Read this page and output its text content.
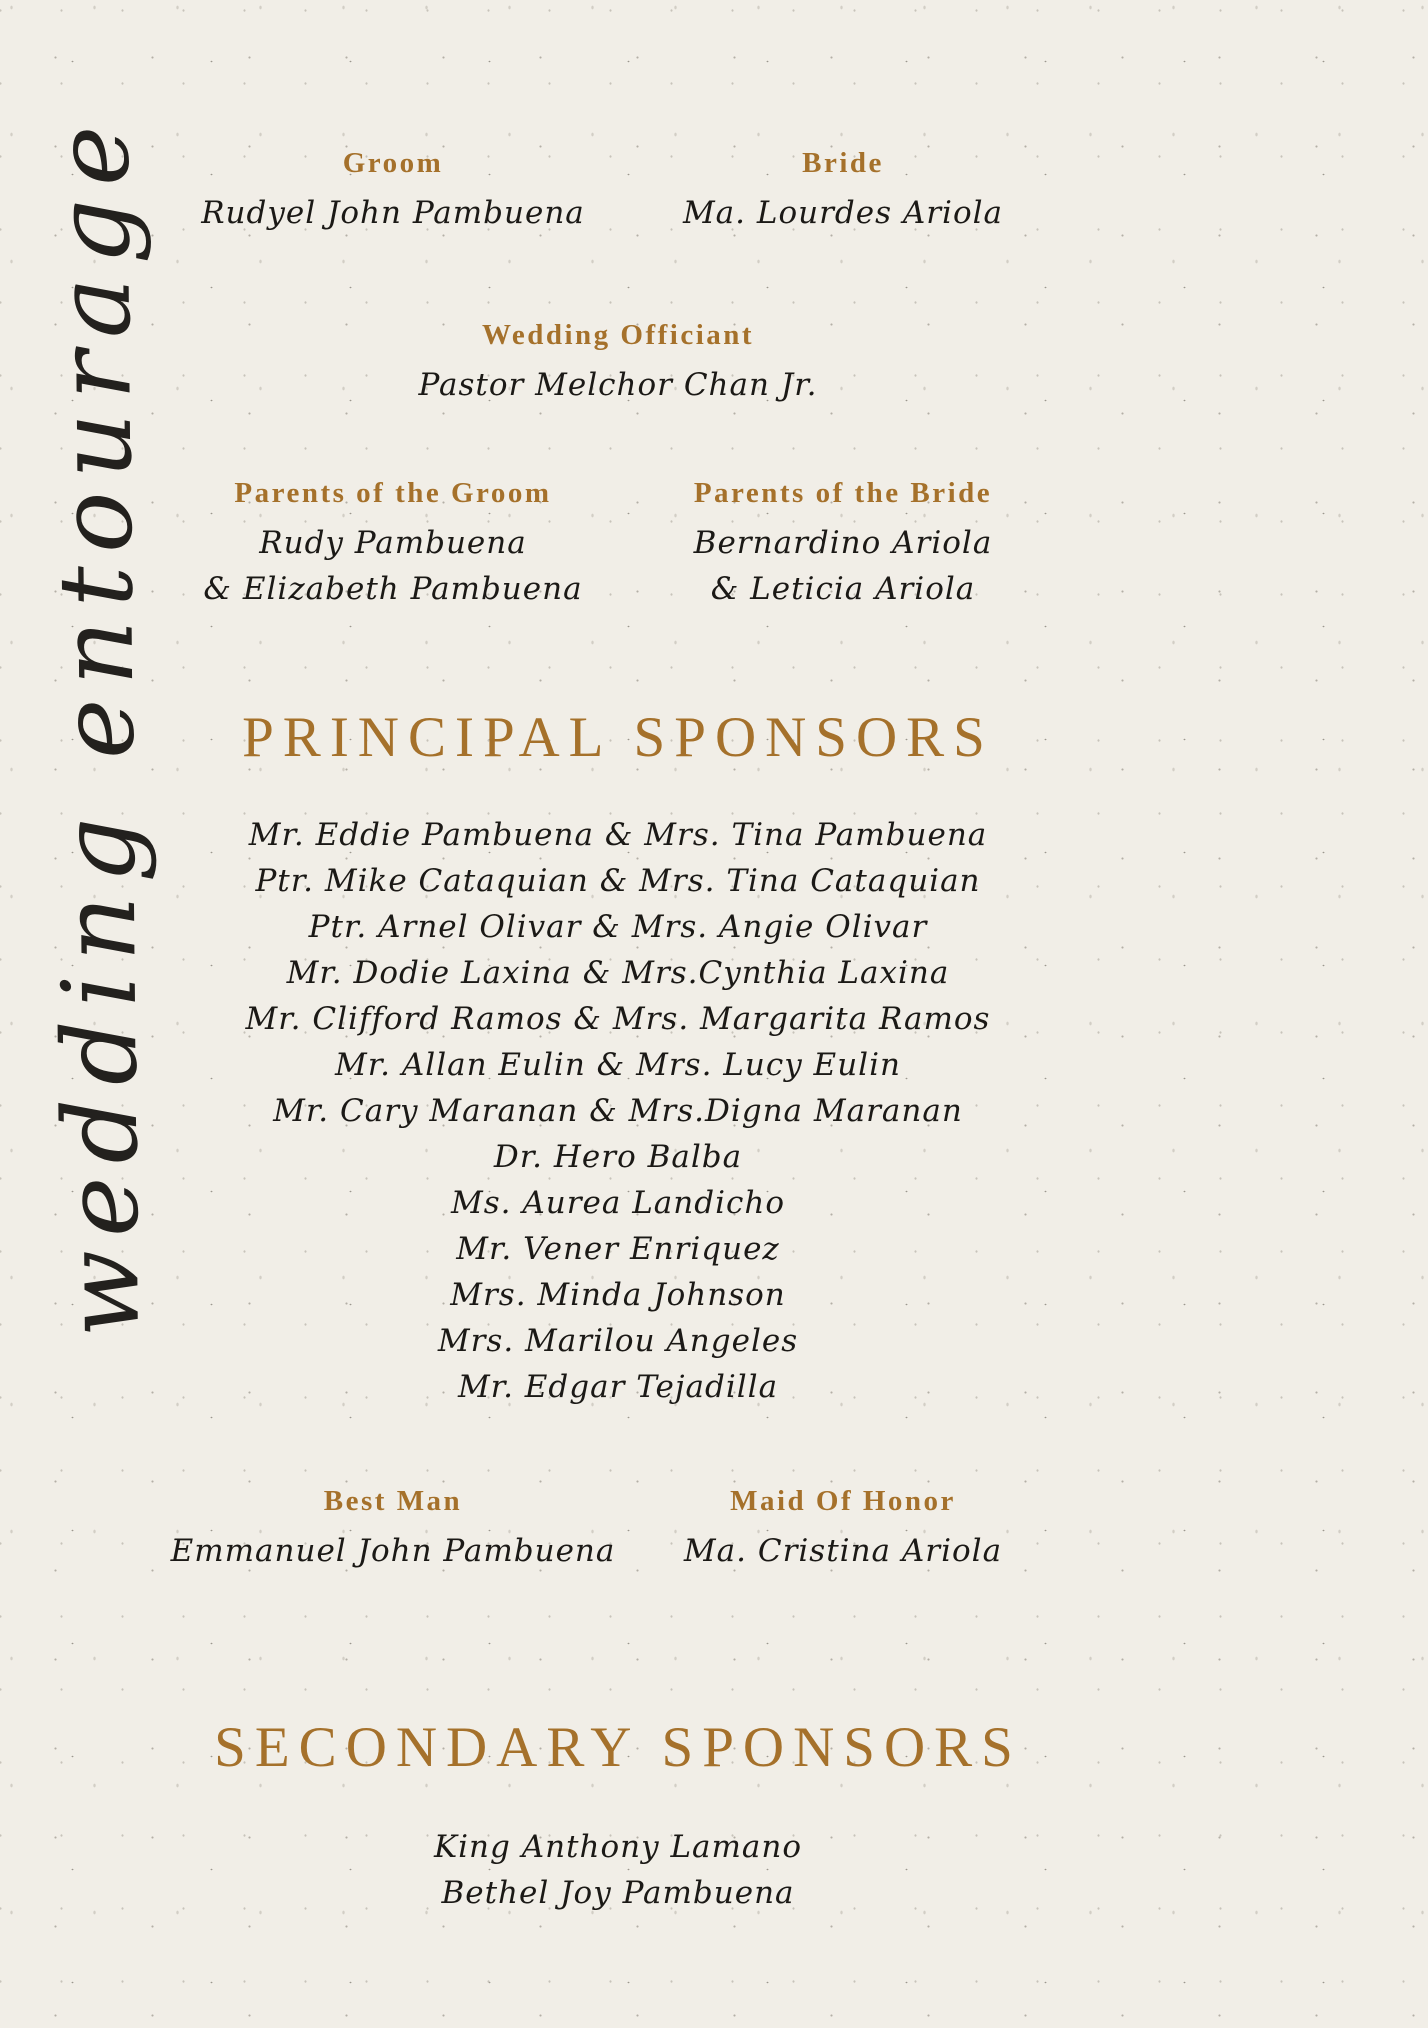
wedding entourage	Groom
Rudyel John Pambuena
Bride
Ma. Lourdes Ariola
Wedding Officiant
Pastor Melchor Chan Jr.
Parents of the Groom
Rudy Pambuena
& Elizabeth Pambuena
Parents of the Bride
Bernardino Ariola
& Leticia Ariola
PRINCIPAL SPONSORS
Mr. Eddie Pambuena & Mrs. Tina Pambuena
Ptr. Mike Cataquian & Mrs. Tina Cataquian
Ptr. Arnel Olivar & Mrs. Angie Olivar
Mr. Dodie Laxina & Mrs.Cynthia Laxina
Mr. Clifford Ramos & Mrs. Margarita Ramos
Mr. Allan Eulin & Mrs. Lucy Eulin
Mr. Cary Maranan & Mrs.Digna Maranan
Dr. Hero Balba
Ms. Aurea Landicho
Mr. Vener Enriquez
Mrs. Minda Johnson
Mrs. Marilou Angeles
Mr. Edgar Tejadilla
Best Man
Emmanuel John Pambuena
Maid Of Honor
Ma. Cristina Ariola
SECONDARY SPONSORS
King Anthony Lamano
Bethel Joy Pambuena
